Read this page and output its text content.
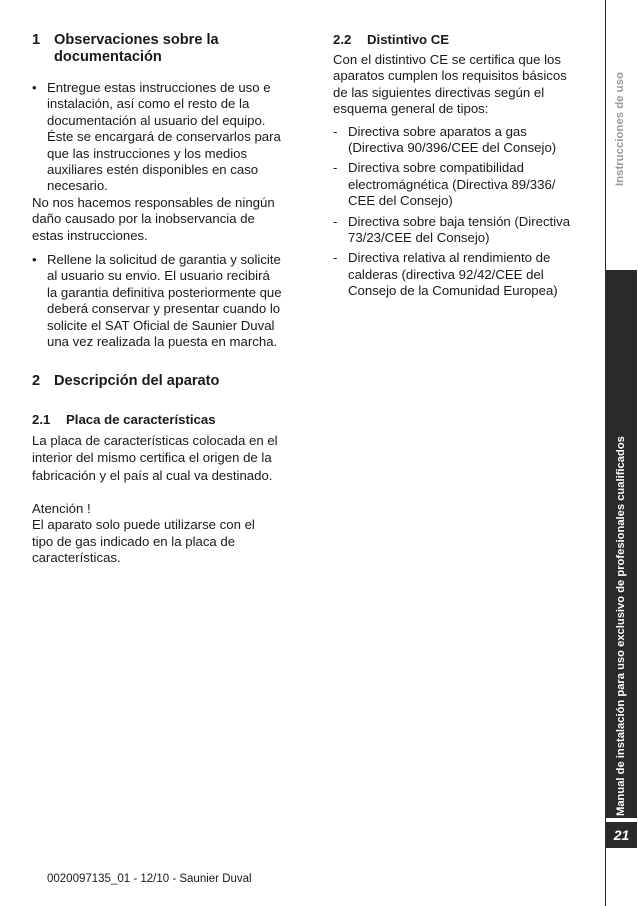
1 Observaciones sobre la documentación
• Entregue estas instrucciones de uso e instalación, así como el resto de la documentación al usuario del equipo. Éste se encargará de conservarlos para que las instrucciones y los medios auxiliares estén disponibles en caso necesario.

No nos hacemos responsables de ningún daño causado por la inobservancia de estas instrucciones.

• Rellene la solicitud de garantia y solicite al usuario su envio. El usuario recibirá la garantia definitiva posteriormente que deberá conservar y presentar cuando lo solicite el SAT Oficial de Saunier Duval una vez realizada la puesta en marcha.
2 Descripción del aparato
2.1	Placa de características

La placa de características colocada en el interior del mismo certifica el origen de la fabricación y el país al cual va destinado.

Atención !

El aparato solo puede utilizarse con el tipo de gas indicado en la placa de características.

2.2	Distintivo CE

Con el distintivo CE se certifica que los aparatos cumplen los requisitos básicos de las siguientes directivas según el esquema general de tipos:

- Directiva sobre aparatos a gas (Directiva 90/396/CEE del Consejo)
- Directiva sobre compatibilidad electromágnética (Directiva 89/336/ CEE del Consejo)
- Directiva sobre baja tensión (Directiva 73/23/CEE del Consejo)
- Directiva relativa al rendimiento de calderas (directiva 92/42/CEE del Consejo de la Comunidad Europea)
Instrucciones de uso
Manual de instalación para uso exclusivo de profesionales cualificados
21
0020097135_01 - 12/10 - Saunier Duval
